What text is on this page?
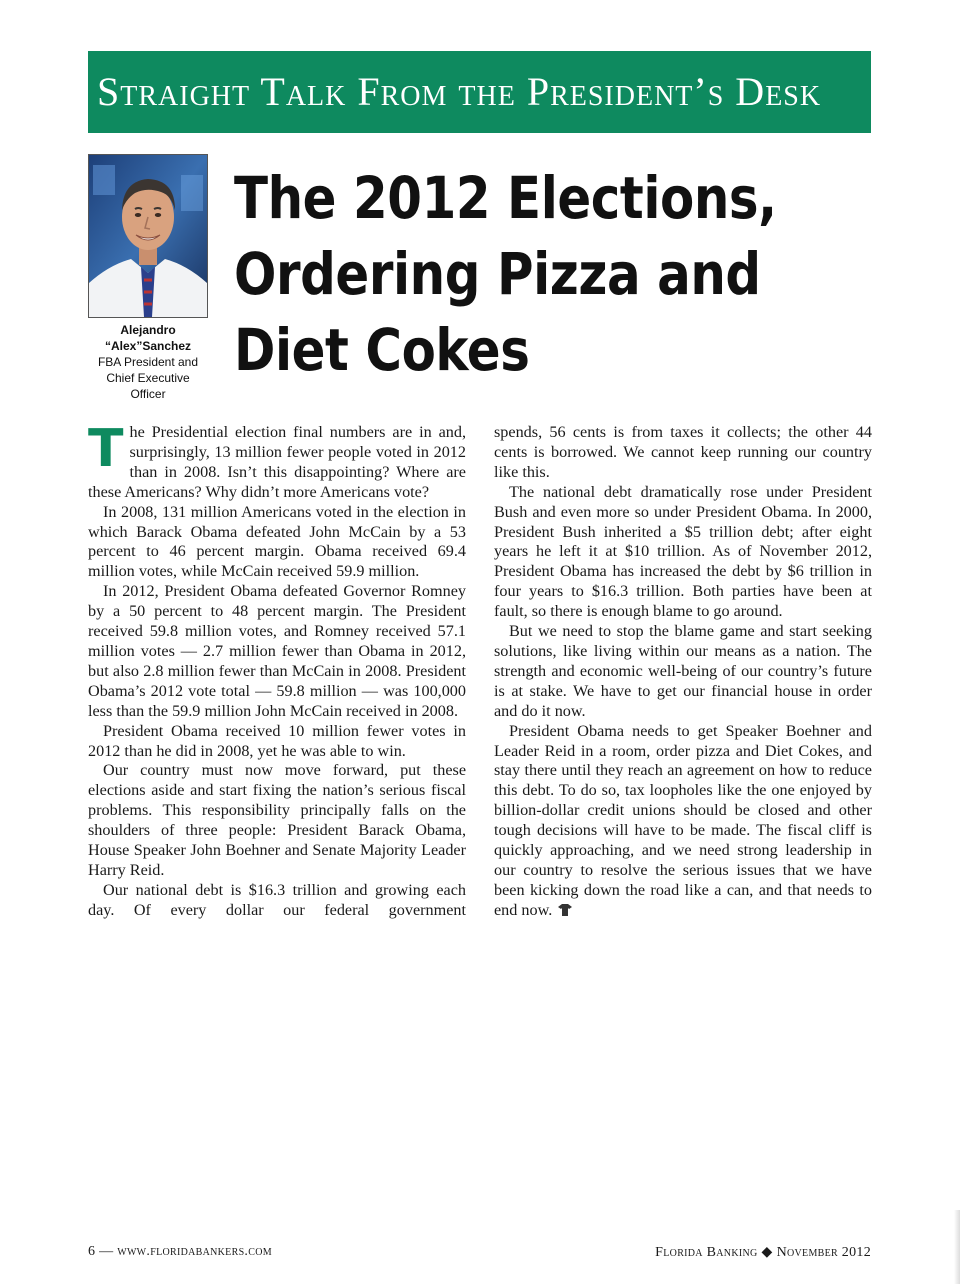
Straight Talk From the President’s Desk
Alejandro
“Alex”Sanchez
FBA President and
Chief Executive Officer
The 2012 Elections,
Ordering Pizza and
Diet Cokes

The Presidential election final numbers are in and, surprisingly, 13 million fewer people voted in 2012 than in 2008. Isn’t this disappointing? Where are these Americans? Why didn’t more Americans vote?

In 2008, 131 million Americans voted in the election in which Barack Obama defeated John McCain by a 53 percent to 46 percent margin. Obama received 69.4 million votes, while McCain received 59.9 million.

In 2012, President Obama defeated Governor Romney by a 50 percent to 48 percent margin. The President received 59.8 million votes, and Romney received 57.1 million votes — 2.7 million fewer than Obama in 2012, but also 2.8 million fewer than McCain in 2008. President Obama’s 2012 vote total — 59.8 million — was 100,000 less than the 59.9 million John McCain received in 2008.

President Obama received 10 million fewer votes in 2012 than he did in 2008, yet he was able to win.

Our country must now move forward, put these elections aside and start fixing the nation’s serious fiscal problems. This responsibility principally falls on the shoulders of three people: President Barack Obama, House Speaker John Boehner and Senate Majority Leader Harry Reid.

Our national debt is $16.3 trillion and growing each day. Of every dollar our federal government

spends, 56 cents is from taxes it collects; the other 44 cents is borrowed. We cannot keep running our country like this.

The national debt dramatically rose under President Bush and even more so under President Obama. In 2000, President Bush inherited a $5 trillion debt; after eight years he left it at $10 trillion. As of November 2012, President Obama has increased the debt by $6 trillion in four years to $16.3 trillion. Both parties have been at fault, so there is enough blame to go around.

But we need to stop the blame game and start seeking solutions, like living within our means as a nation. The strength and economic well-being of our country’s future is at stake. We have to get our financial house in order and do it now.

President Obama needs to get Speaker Boehner and Leader Reid in a room, order pizza and Diet Cokes, and stay there until they reach an agreement on how to reduce this debt. To do so, tax loopholes like the one enjoyed by billion-dollar credit unions should be closed and other tough decisions will have to be made. The fiscal cliff is quickly approaching, and we need strong leadership in our country to resolve the serious issues that we have been kicking down the road like a can, and that needs to end now.

6 — www.floridabankers.com	Florida Banking ◆ November 2012
